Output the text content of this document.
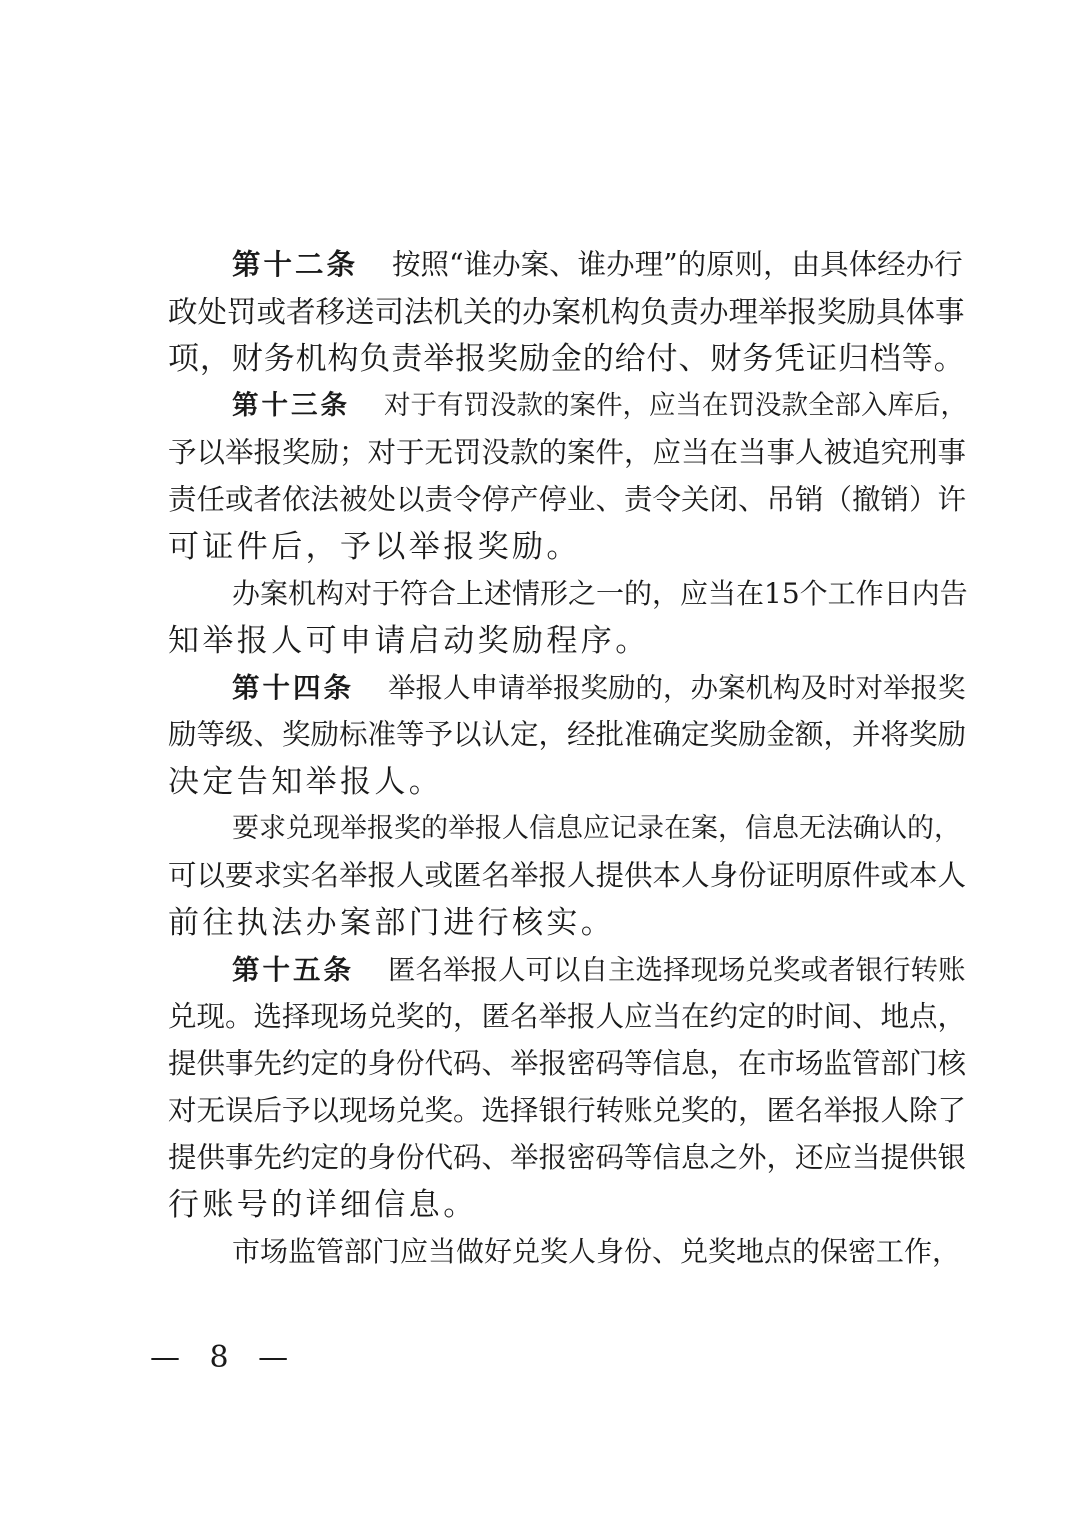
第十二条 按照“谁办案、谁办理”的原则，由具体经办行
政处罚或者移送司法机关的办案机构负责办理举报奖励具体事
项，财务机构负责举报奖励金的给付、财务凭证归档等。
第十三条 对于有罚没款的案件，应当在罚没款全部入库后，
予以举报奖励；对于无罚没款的案件，应当在当事人被追究刑事
责任或者依法被处以责令停产停业、责令关闭、吊销（撤销）许
可证件后，予以举报奖励。
办案机构对于符合上述情形之一的，应当在15个工作日内告
知举报人可申请启动奖励程序。
第十四条 举报人申请举报奖励的，办案机构及时对举报奖
励等级、奖励标准等予以认定，经批准确定奖励金额，并将奖励
决定告知举报人。
要求兑现举报奖的举报人信息应记录在案，信息无法确认的，
可以要求实名举报人或匿名举报人提供本人身份证明原件或本人
前往执法办案部门进行核实。
第十五条 匿名举报人可以自主选择现场兑奖或者银行转账
兑现。选择现场兑奖的，匿名举报人应当在约定的时间、地点，
提供事先约定的身份代码、举报密码等信息，在市场监管部门核
对无误后予以现场兑奖。选择银行转账兑奖的，匿名举报人除了
提供事先约定的身份代码、举报密码等信息之外，还应当提供银
行账号的详细信息。
市场监管部门应当做好兑奖人身份、兑奖地点的保密工作，
— 8 —
